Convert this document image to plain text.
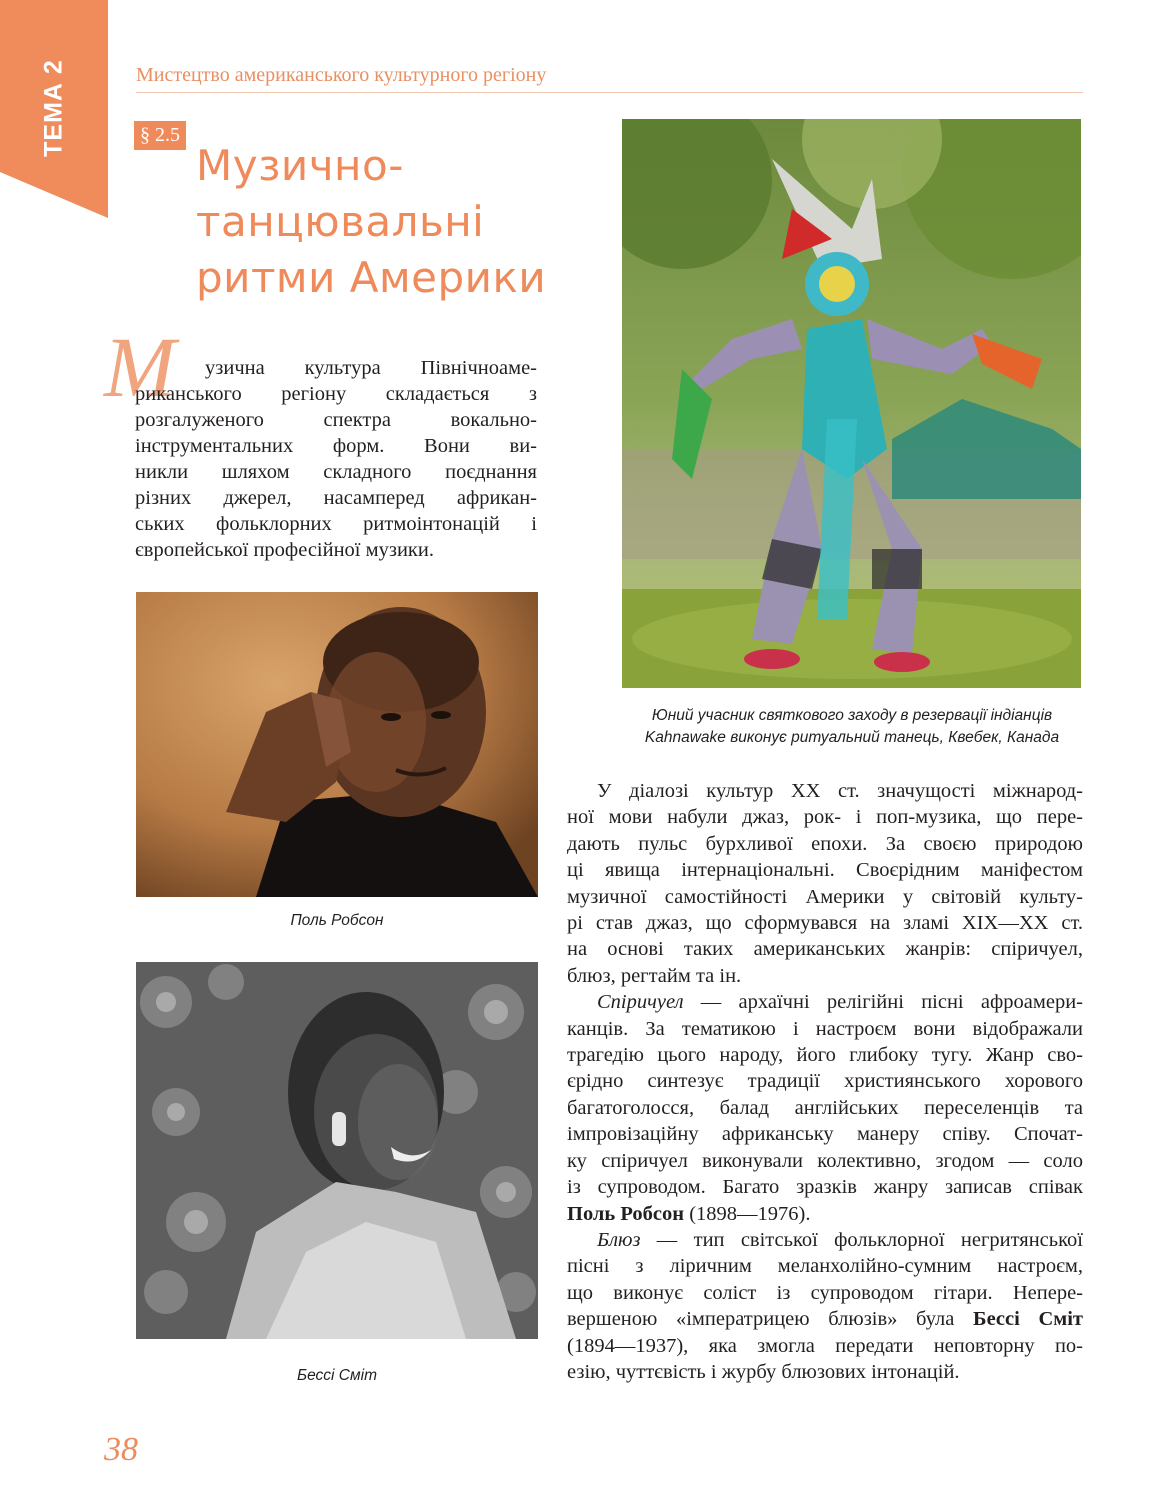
ТЕМА 2	Мистецтво американського культурного регіону
§ 2.5
Музично-
танцювальні
ритми Америки
М	узична культура Північноаме-
риканського регіону складається з
розгалуженого спектра вокально-
інструментальних форм. Вони ви-
никли шляхом складного поєднання
різних джерел, насамперед африкан-
ських фольклорних ритмоінтонацій і
європейської професійної музики.

Юний учасник святкового заходу в резервації індіанців
Kahnawake виконує ритуальний танець, Квебек, Канада
Поль Робсон
Бессі Сміт
У діалозі культур XX ст. значущості міжнарод-
ної мови набули джаз, рок- і поп-музика, що пере-
дають пульс бурхливої епохи. За своєю природою
ці явища інтернаціональні. Своєрідним маніфестом
музичної самостійності Америки у світовій культу-
рі став джаз, що сформувався на зламі XIX—XX ст.
на основі таких американських жанрів: спіричуел,
блюз, регтайм та ін.
Спіричуел — архаїчні релігійні пісні афроамери-
канців. За тематикою і настроєм вони відображали
трагедію цього народу, його глибоку тугу. Жанр сво-
єрідно синтезує традиції християнського хорового
багатоголосся, балад англійських переселенців та
імпровізаційну африканську манеру співу. Спочат-
ку спіричуел виконували колективно, згодом — соло
із супроводом. Багато зразків жанру записав співак
Поль Робсон (1898—1976).
Блюз — тип світської фольклорної негритянської
пісні з ліричним меланхолійно-сумним настроєм,
що виконує соліст із супроводом гітари. Непере-
вершеною «імператрицею блюзів» була Бессі Сміт
(1894—1937), яка змогла передати неповторну по-
езію, чуттєвість і журбу блюзових інтонацій.
38
